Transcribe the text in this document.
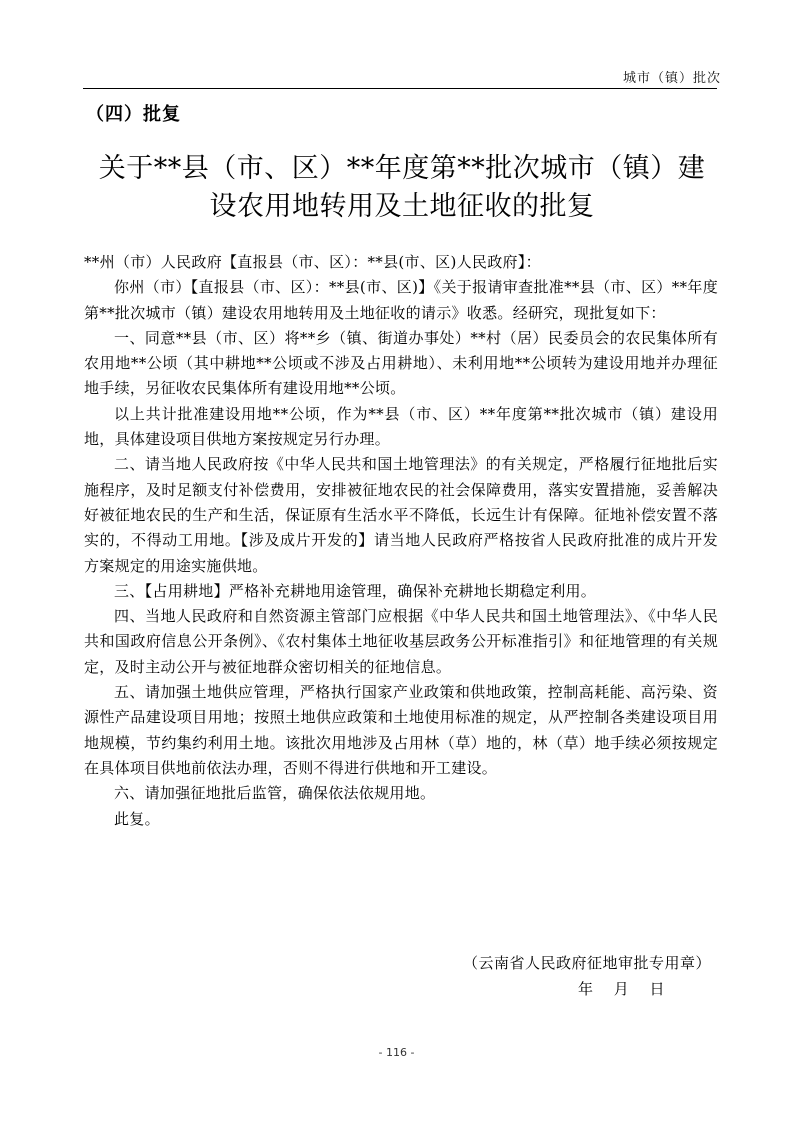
城市（镇）批次
（四）批复
关于**县（市、区）**年度第**批次城市（镇）建
设农用地转用及土地征收的批复

**州（市）人民政府【直报县（市、区）：**县(市、区)人民政府】：

你州（市）【直报县（市、区）：**县(市、区)】《关于报请审查批准**县（市、区）**年度第**批次城市（镇）建设农用地转用及土地征收的请示》收悉。经研究，现批复如下：

一、同意**县（市、区）将**乡（镇、街道办事处）**村（居）民委员会的农民集体所有农用地**公顷（其中耕地**公顷或不涉及占用耕地）、未利用地**公顷转为建设用地并办理征地手续，另征收农民集体所有建设用地**公顷。

以上共计批准建设用地**公顷，作为**县（市、区）**年度第**批次城市（镇）建设用地，具体建设项目供地方案按规定另行办理。

二、请当地人民政府按《中华人民共和国土地管理法》的有关规定，严格履行征地批后实施程序，及时足额支付补偿费用，安排被征地农民的社会保障费用，落实安置措施，妥善解决好被征地农民的生产和生活，保证原有生活水平不降低，长远生计有保障。征地补偿安置不落实的，不得动工用地。【涉及成片开发的】请当地人民政府严格按省人民政府批准的成片开发方案规定的用途实施供地。

三、【占用耕地】严格补充耕地用途管理，确保补充耕地长期稳定利用。

四、当地人民政府和自然资源主管部门应根据《中华人民共和国土地管理法》、《中华人民共和国政府信息公开条例》、《农村集体土地征收基层政务公开标准指引》和征地管理的有关规定，及时主动公开与被征地群众密切相关的征地信息。

五、请加强土地供应管理，严格执行国家产业政策和供地政策，控制高耗能、高污染、资源性产品建设项目用地；按照土地供应政策和土地使用标准的规定，从严控制各类建设项目用地规模，节约集约利用土地。该批次用地涉及占用林（草）地的，林（草）地手续必须按规定在具体项目供地前依法办理，否则不得进行供地和开工建设。

六、请加强征地批后监管，确保依法依规用地。

此复。

（云南省人民政府征地审批专用章）
年 月 日
- 116 -
